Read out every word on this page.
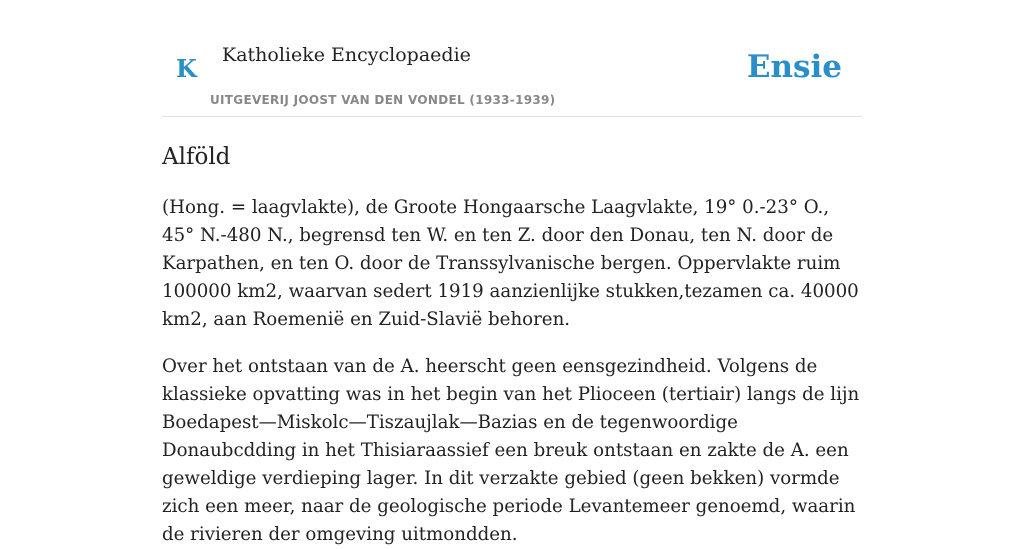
K Katholieke Encyclopaedie
UITGEVERIJ JOOST VAN DEN VONDEL (1933-1939)
Ensie
Alföld

(Hong. = laagvlakte), de Groote Hongaarsche Laagvlakte, 19° 0.-23° O., 45° N.-480 N., begrensd ten W. en ten Z. door den Donau, ten N. door de Karpathen, en ten O. door de Transsylvanische bergen. Oppervlakte ruim 100000 km2, waarvan sedert 1919 aanzienlijke stukken,tezamen ca. 40000 km2, aan Roemenië en Zuid-Slavië behoren.

Over het ontstaan van de A. heerscht geen eensgezindheid. Volgens de klassieke opvatting was in het begin van het Plioceen (tertiair) langs de lijn Boedapest—Miskolc—Tiszaujlak—Bazias en de tegenwoordige Donaubcdding in het Thisiaraassief een breuk ontstaan en zakte de A. een geweldige verdieping lager. In dit verzakte gebied (geen bekken) vormde zich een meer, naar de geologische periode Levantemeer genoemd, waarin de rivieren der omgeving uitmondden.
